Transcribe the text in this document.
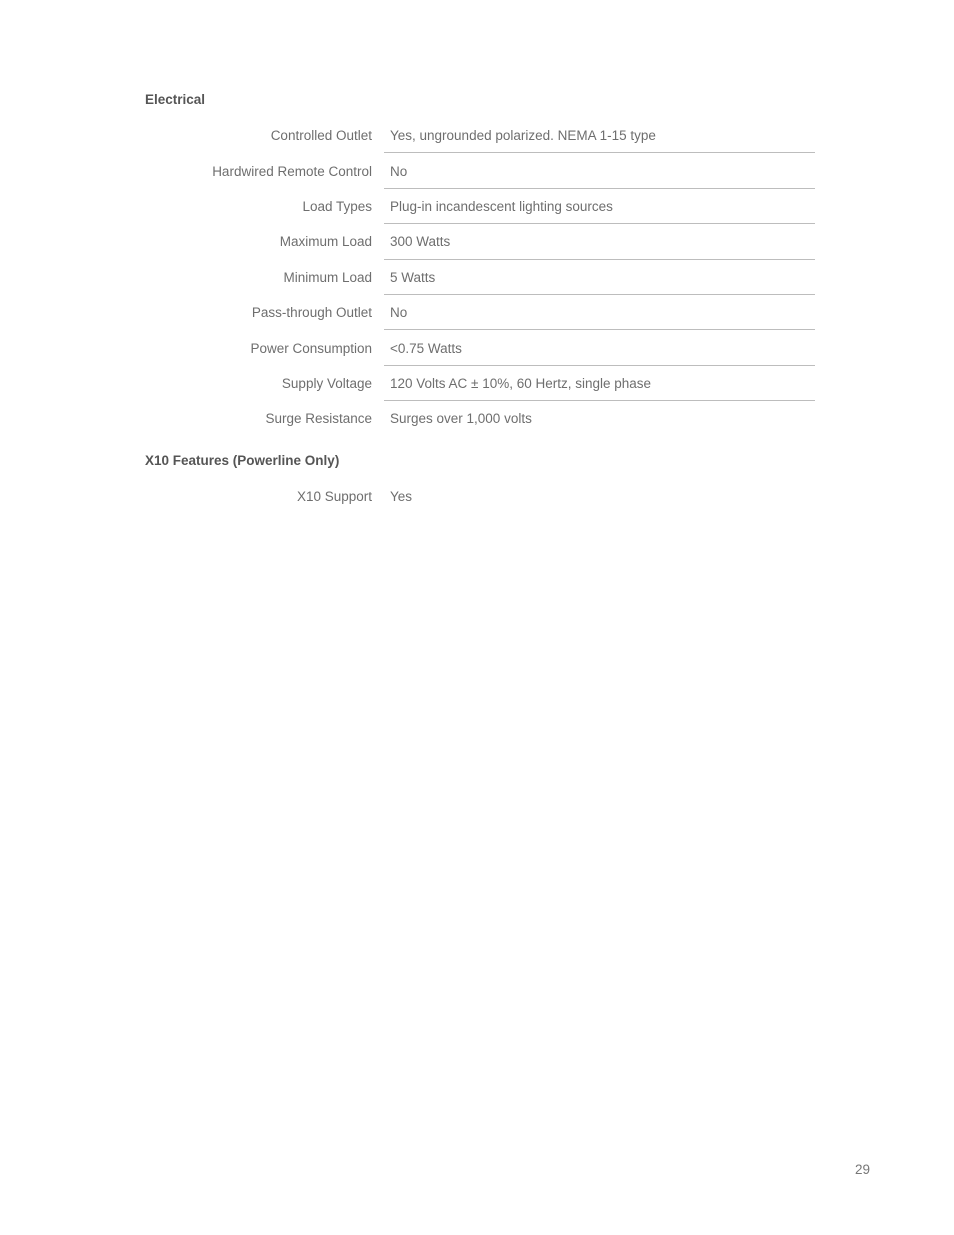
Electrical
Controlled Outlet Yes, ungrounded polarized. NEMA 1-15 type
Hardwired Remote Control No
Load Types Plug-in incandescent lighting sources
Maximum Load 300 Watts
Minimum Load 5 Watts
Pass-through Outlet No
Power Consumption <0.75 Watts
Supply Voltage 120 Volts AC ± 10%, 60 Hertz, single phase
Surge Resistance Surges over 1,000 volts
X10 Features (Powerline Only)
X10 Support Yes
29
